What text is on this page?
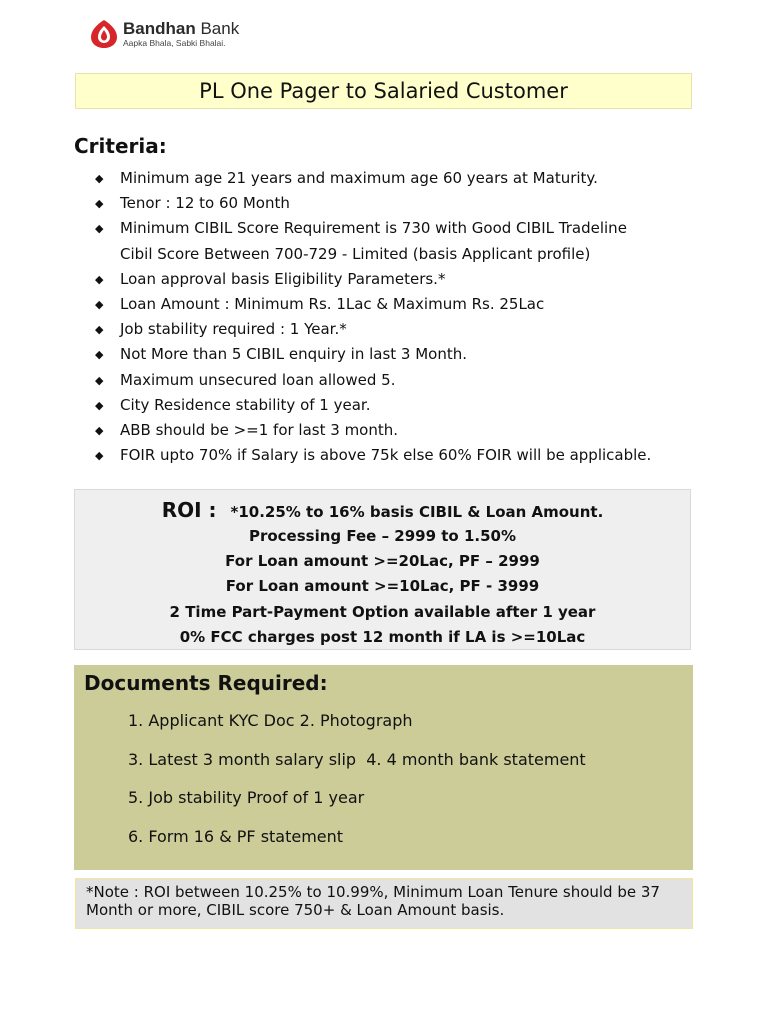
Bandhan Bank
Aapka Bhala, Sabki Bhalai.
PL One Pager to Salaried Customer
Criteria:
◆	Minimum age 21 years and maximum age 60 years at Maturity.
◆	Tenor : 12 to 60 Month
◆	Minimum CIBIL Score Requirement is 730 with Good CIBIL Tradeline
Cibil Score Between 700-729 - Limited (basis Applicant profile)
◆	Loan approval basis Eligibility Parameters.*
◆	Loan Amount : Minimum Rs. 1Lac & Maximum Rs. 25Lac
◆	Job stability required : 1 Year.*
◆	Not More than 5 CIBIL enquiry in last 3 Month.
◆	Maximum unsecured loan allowed 5.
◆	City Residence stability of 1 year.
◆	ABB should be >=1 for last 3 month.
◆	FOIR upto 70% if Salary is above 75k else 60% FOIR will be applicable.
ROI : *10.25% to 16% basis CIBIL & Loan Amount.
Processing Fee – 2999 to 1.50%
For Loan amount >=20Lac, PF – 2999
For Loan amount >=10Lac, PF - 3999
2 Time Part-Payment Option available after 1 year
0% FCC charges post 12 month if LA is >=10Lac
Documents Required:
1. Applicant KYC Doc 2. Photograph
3. Latest 3 month salary slip  4. 4 month bank statement
5. Job stability Proof of 1 year
6. Form 16 & PF statement
*Note : ROI between 10.25% to 10.99%, Minimum Loan Tenure should be 37 Month or more, CIBIL score 750+ & Loan Amount basis.
